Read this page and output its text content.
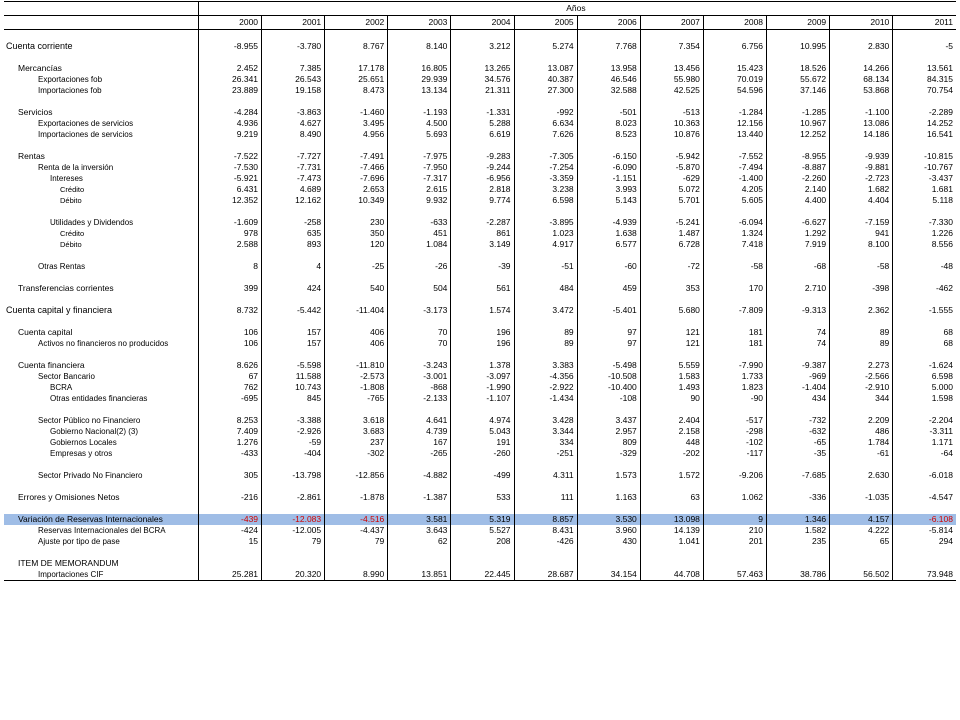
	Años											
	2000	2001	2002	2003	2004	2005	2006	2007	2008	2009	2010	2011

Cuenta corriente	-8.955	-3.780	8.767	8.140	3.212	5.274	7.768	7.354	6.756	10.995	2.830	-5

Mercancías	2.452	7.385	17.178	16.805	13.265	13.087	13.958	13.456	15.423	18.526	14.266	13.561
Exportaciones fob	26.341	26.543	25.651	29.939	34.576	40.387	46.546	55.980	70.019	55.672	68.134	84.315
Importaciones fob	23.889	19.158	8.473	13.134	21.311	27.300	32.588	42.525	54.596	37.146	53.868	70.754

Servicios	-4.284	-3.863	-1.460	-1.193	-1.331	-992	-501	-513	-1.284	-1.285	-1.100	-2.289
Exportaciones de servicios	4.936	4.627	3.495	4.500	5.288	6.634	8.023	10.363	12.156	10.967	13.086	14.252
Importaciones de servicios	9.219	8.490	4.956	5.693	6.619	7.626	8.523	10.876	13.440	12.252	14.186	16.541

Rentas	-7.522	-7.727	-7.491	-7.975	-9.283	-7.305	-6.150	-5.942	-7.552	-8.955	-9.939	-10.815
Renta de la inversión	-7.530	-7.731	-7.466	-7.950	-9.244	-7.254	-6.090	-5.870	-7.494	-8.887	-9.881	-10.767
Intereses	-5.921	-7.473	-7.696	-7.317	-6.956	-3.359	-1.151	-629	-1.400	-2.260	-2.723	-3.437
Crédito	6.431	4.689	2.653	2.615	2.818	3.238	3.993	5.072	4.205	2.140	1.682	1.681
Débito	12.352	12.162	10.349	9.932	9.774	6.598	5.143	5.701	5.605	4.400	4.404	5.118

Utilidades y Dividendos	-1.609	-258	230	-633	-2.287	-3.895	-4.939	-5.241	-6.094	-6.627	-7.159	-7.330
Crédito	978	635	350	451	861	1.023	1.638	1.487	1.324	1.292	941	1.226
Débito	2.588	893	120	1.084	3.149	4.917	6.577	6.728	7.418	7.919	8.100	8.556

Otras Rentas	8	4	-25	-26	-39	-51	-60	-72	-58	-68	-58	-48

Transferencias corrientes	399	424	540	504	561	484	459	353	170	2.710	-398	-462

Cuenta capital y financiera	8.732	-5.442	-11.404	-3.173	1.574	3.472	-5.401	5.680	-7.809	-9.313	2.362	-1.555

Cuenta capital	106	157	406	70	196	89	97	121	181	74	89	68
Activos no financieros no producidos	106	157	406	70	196	89	97	121	181	74	89	68

Cuenta financiera	8.626	-5.598	-11.810	-3.243	1.378	3.383	-5.498	5.559	-7.990	-9.387	2.273	-1.624
Sector Bancario	67	11.588	-2.573	-3.001	-3.097	-4.356	-10.508	1.583	1.733	-969	-2.566	6.598
BCRA	762	10.743	-1.808	-868	-1.990	-2.922	-10.400	1.493	1.823	-1.404	-2.910	5.000
Otras entidades financieras	-695	845	-765	-2.133	-1.107	-1.434	-108	90	-90	434	344	1.598

Sector Público no Financiero	8.253	-3.388	3.618	4.641	4.974	3.428	3.437	2.404	-517	-732	2.209	-2.204
Gobierno Nacional(2) (3)	7.409	-2.926	3.683	4.739	5.043	3.344	2.957	2.158	-298	-632	486	-3.311
Gobiernos Locales	1.276	-59	237	167	191	334	809	448	-102	-65	1.784	1.171
Empresas y otros	-433	-404	-302	-265	-260	-251	-329	-202	-117	-35	-61	-64

Sector Privado No Financiero	305	-13.798	-12.856	-4.882	-499	4.311	1.573	1.572	-9.206	-7.685	2.630	-6.018

Errores y Omisiones Netos	-216	-2.861	-1.878	-1.387	533	111	1.163	63	1.062	-336	-1.035	-4.547

Variación de Reservas Internacionales	-439	-12.083	-4.516	3.581	5.319	8.857	3.530	13.098	9	1.346	4.157	-6.108
Reservas Internacionales del BCRA	-424	-12.005	-4.437	3.643	5.527	8.431	3.960	14.139	210	1.582	4.222	-5.814
Ajuste por tipo de pase	15	79	79	62	208	-426	430	1.041	201	235	65	294

ITEM DE MEMORANDUM												
Importaciones CIF	25.281	20.320	8.990	13.851	22.445	28.687	34.154	44.708	57.463	38.786	56.502	73.948
